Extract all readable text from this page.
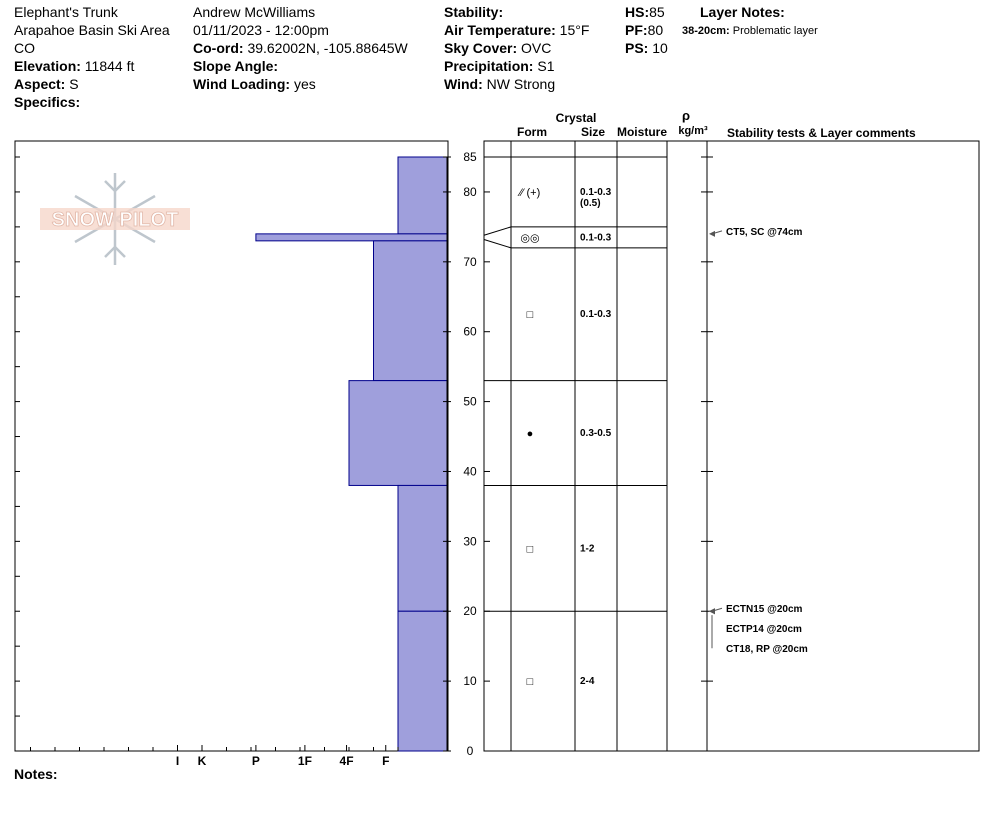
Elephant's Trunk
Arapahoe Basin Ski Area
CO
Elevation: 11844 ft
Aspect: S
Specifics:
Andrew McWilliams
01/11/2023 - 12:00pm
Co-ord: 39.62002N, -105.88645W
Slope Angle:
Wind Loading: yes
Stability:
Air Temperature: 15°F
Sky Cover: OVC
Precipitation: S1
Wind: NW Strong
HS:85
PF:80
PS: 10
Layer Notes:
38-20cm: Problematic layer
Notes:
SNOW PILOT
0
10
20
30
40
50
60
70
80
85
I K	P	1F 4F F
Crystal
Form	Size Moisture
ρ
kg/m³ Stability tests & Layer comments
⁄⁄ (+)	0.1-0.3
(0.5)
◎◎	0.1-0.3
□	0.1-0.3
●	0.3-0.5
□	1-2
□	2-4
CT5, SC @74cm
ECTN15 @20cm
ECTP14 @20cm
CT18, RP @20cm
